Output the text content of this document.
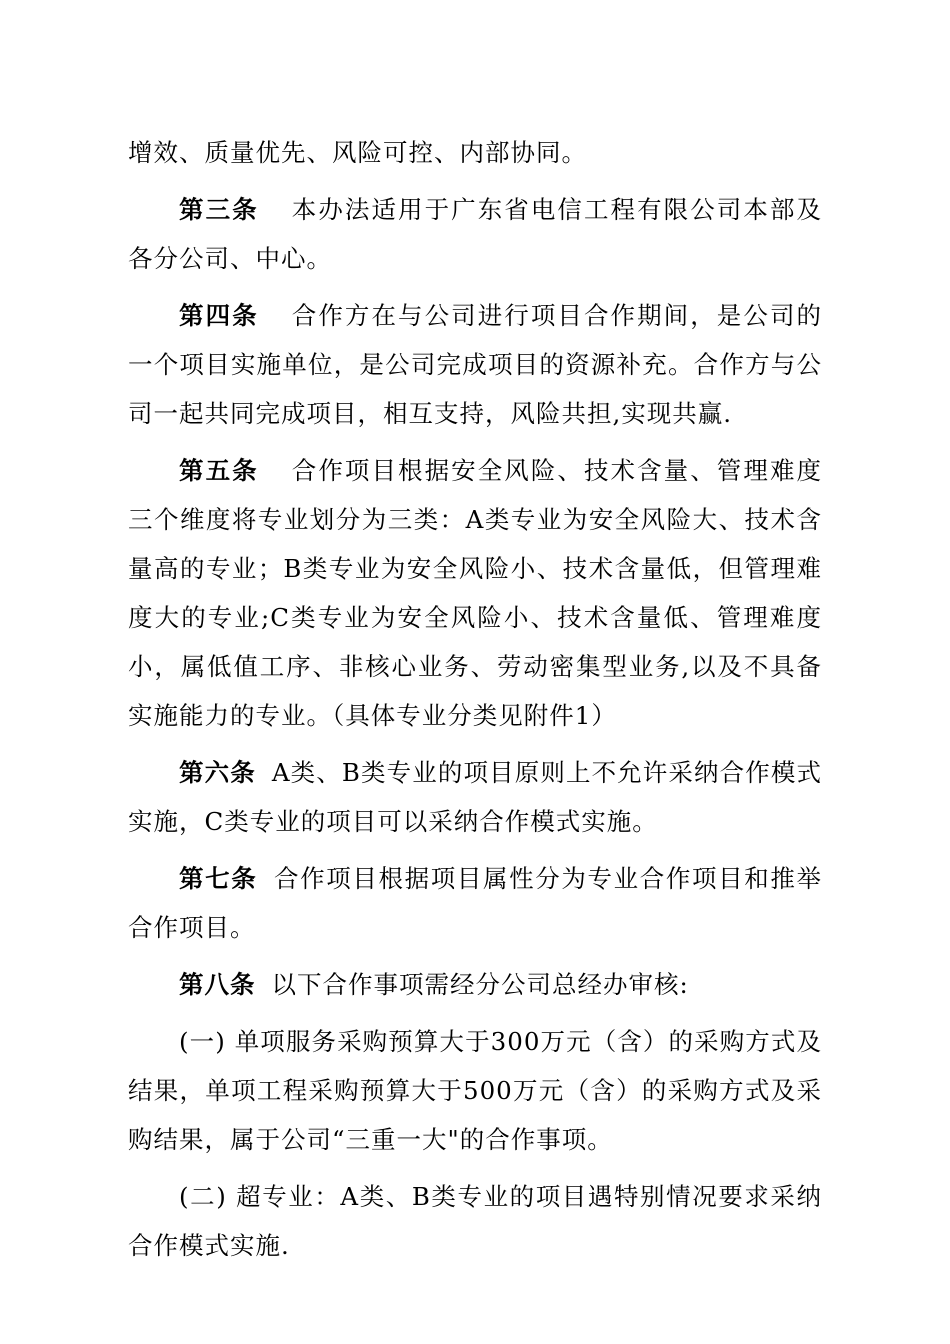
增效、质量优先、风险可控、内部协同。

第三条 本办法适用于广东省电信工程有限公司本部及各分公司、中心。

第四条 合作方在与公司进行项目合作期间，是公司的一个项目实施单位，是公司完成项目的资源补充。合作方与公司一起共同完成项目，相互支持，风险共担,实现共赢.

第五条 合作项目根据安全风险、技术含量、管理难度三个维度将专业划分为三类：A类专业为安全风险大、技术含量高的专业；B类专业为安全风险小、技术含量低，但管理难度大的专业;C类专业为安全风险小、技术含量低、管理难度小，属低值工序、非核心业务、劳动密集型业务,以及不具备实施能力的专业。（具体专业分类见附件1）

第六条 A类、B类专业的项目原则上不允许采纳合作模式实施，C类专业的项目可以采纳合作模式实施。

第七条 合作项目根据项目属性分为专业合作项目和推举合作项目。

第八条 以下合作事项需经分公司总经办审核:

(一) 单项服务采购预算大于300万元（含）的采购方式及结果，单项工程采购预算大于500万元（含）的采购方式及采购结果，属于公司“三重一大"的合作事项。

(二) 超专业：A类、B类专业的项目遇特别情况要求采纳合作模式实施.
